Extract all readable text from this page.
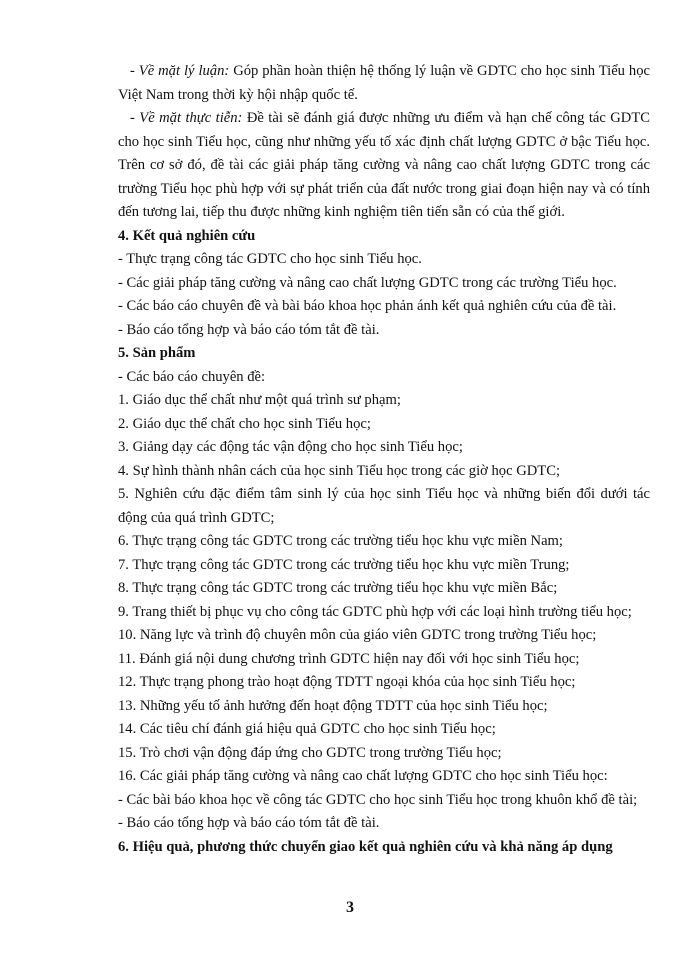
- Về mặt lý luận: Góp phần hoàn thiện hệ thống lý luận về GDTC cho học sinh Tiểu học Việt Nam trong thời kỳ hội nhập quốc tế.

- Về mặt thực tiễn: Đề tài sẽ đánh giá được những ưu điểm và hạn chế công tác GDTC cho học sinh Tiểu học, cũng như những yếu tố xác định chất lượng GDTC ở bậc Tiểu học. Trên cơ sở đó, đề tài các giải pháp tăng cường và nâng cao chất lượng GDTC trong các trường Tiểu học phù hợp với sự phát triển của đất nước trong giai đoạn hiện nay và có tính đến tương lai, tiếp thu được những kinh nghiệm tiên tiến sẵn có của thế giới.

4. Kết quả nghiên cứu

- Thực trạng công tác GDTC cho học sinh Tiểu học.

- Các giải pháp tăng cường và nâng cao chất lượng GDTC trong các trường Tiểu học.

- Các báo cáo chuyên đề và bài báo khoa học phản ánh kết quả nghiên cứu của đề tài.

- Báo cáo tổng hợp và báo cáo tóm tắt đề tài.

5. Sản phẩm

- Các báo cáo chuyên đề:

1. Giáo dục thể chất như một quá trình sư phạm;

2. Giáo dục thể chất cho học sinh Tiểu học;

3. Giảng dạy các động tác vận động cho học sinh Tiểu học;

4. Sự hình thành nhân cách của học sinh Tiểu học trong các giờ học GDTC;

5. Nghiên cứu đặc điểm tâm sinh lý của học sinh Tiểu học và những biến đổi dưới tác động của quá trình GDTC;

6. Thực trạng công tác GDTC trong các trường tiểu học khu vực miền Nam;

7. Thực trạng công tác GDTC trong các trường tiểu học khu vực miền Trung;

8. Thực trạng công tác GDTC trong các trường tiểu học khu vực miền Bắc;

9. Trang thiết bị phục vụ cho công tác GDTC phù hợp với các loại hình trường tiểu học;

10. Năng lực và trình độ chuyên môn của giáo viên GDTC trong trường Tiểu học;

11. Đánh giá nội dung chương trình GDTC hiện nay đối với học sinh Tiểu học;

12. Thực trạng phong trào hoạt động TDTT ngoại khóa của học sinh Tiểu học;

13. Những yếu tố ảnh hưởng đến hoạt động TDTT của học sinh Tiểu học;

14. Các tiêu chí đánh giá hiệu quả GDTC cho học sinh Tiểu học;

15. Trò chơi vận động đáp ứng cho GDTC trong trường Tiểu học;

16. Các giải pháp tăng cường và nâng cao chất lượng GDTC cho học sinh Tiểu học:

- Các bài báo khoa học về công tác GDTC cho học sinh Tiểu học trong khuôn khổ đề tài;

- Báo cáo tổng hợp và báo cáo tóm tắt đề tài.

6. Hiệu quả, phương thức chuyển giao kết quả nghiên cứu và khả năng áp dụng

3
